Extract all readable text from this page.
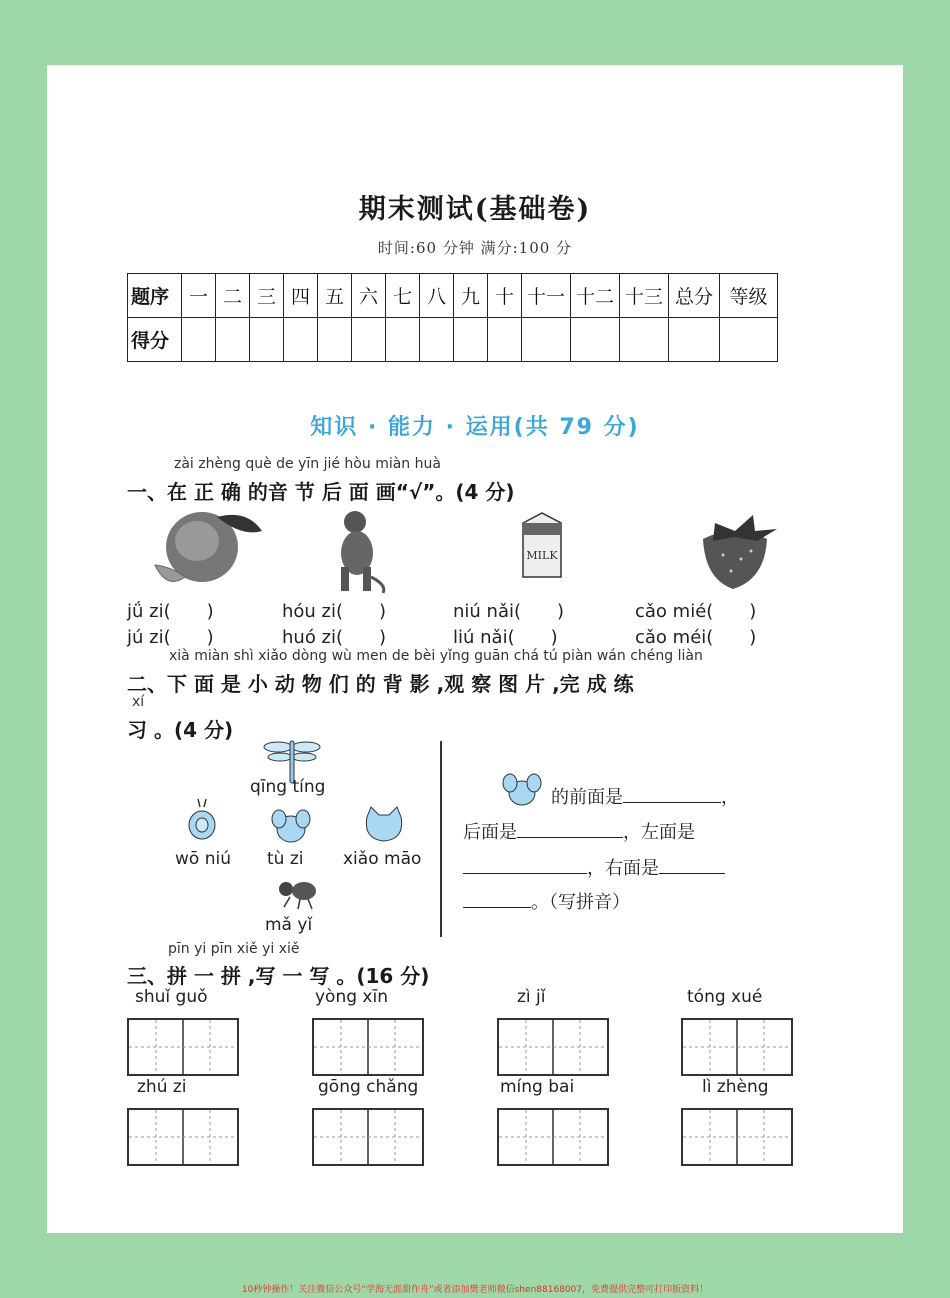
期末测试(基础卷)
时间:60 分钟 满分:100 分
题序	一	二	三	四	五	六	七	八	九	十	十一	十二	十三	总分	等级
得分															
知识 · 能力 · 运用(共 79 分)
zài zhèng què de yīn jié hòu miàn huà
一、在 正 确 的音 节 后 面 画“√”。(4 分)
MILK
jǘ zi(　　)	hóu zi(　　)	niú nǎi(　　)	cǎo mié(　　)
jú zi(　　)	huó zi(　　)	liú nǎi(　　)	cǎo méi(　　)
xià miàn shì xiǎo dòng wù men de bèi yǐng guān chá tú piàn wán chéng liàn
二、下 面 是 小 动 物 们 的 背 影 ,观 察 图 片 ,完 成 练
xí
习 。(4 分)
qīng tíng
wō niú tù zi xiǎo māo
mǎ yǐ
的前面是	，
后面是	，左面是
，右面是
。（写拼音）
pīn yi pīn xiě yi xiě
三、拼 一 拼 ,写 一 写 。(16 分)
shuǐ guǒ	yòng xīn	zì jǐ	tóng xué
zhú zi	gōng chǎng	míng bai	lì zhèng
10秒钟操作！关注微信公众号“学海无涯甜作舟”或者添加樊老师微信shen88168007，免费提供完整可打印版资料！
